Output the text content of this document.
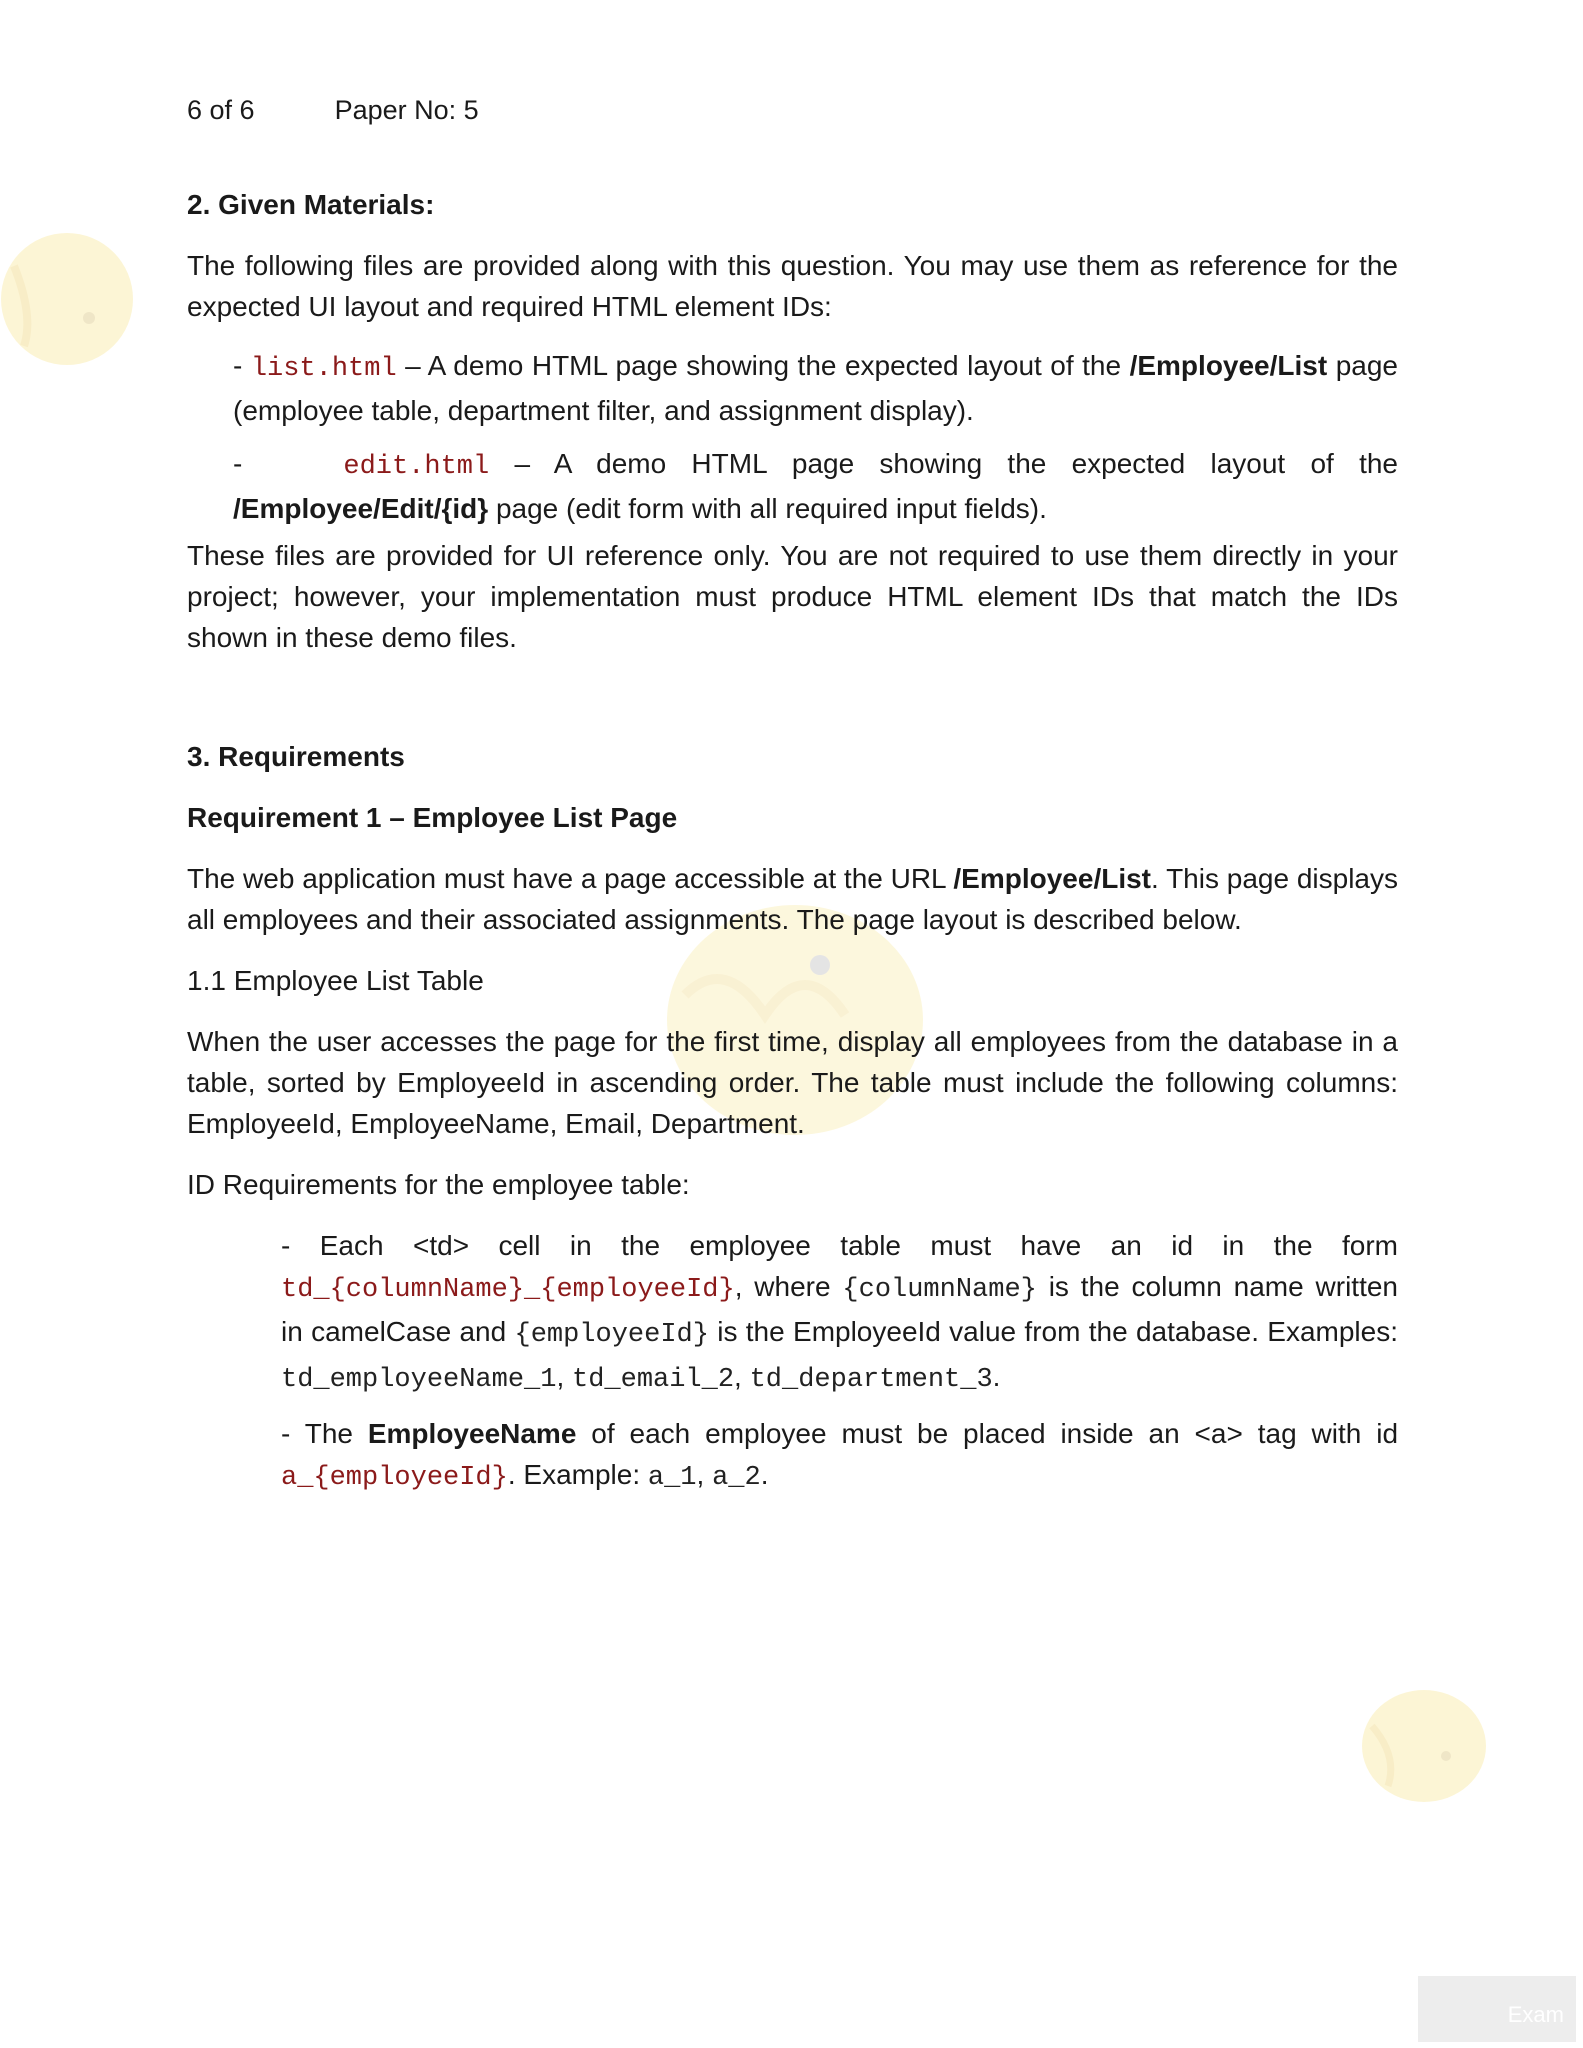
Exam
6 of 6	Paper No: 5
2. Given Materials:
The following files are provided along with this question. You may use them as reference for the expected UI layout and required HTML element IDs:
- list.html – A demo HTML page showing the expected layout of the /Employee/List page (employee table, department filter, and assignment display).
-	edit.html – A demo HTML page showing the expected layout of the /Employee/Edit/{id} page (edit form with all required input fields).
These files are provided for UI reference only. You are not required to use them directly in your project; however, your implementation must produce HTML element IDs that match the IDs shown in these demo files.
3. Requirements
Requirement 1 – Employee List Page
The web application must have a page accessible at the URL /Employee/List. This page displays all employees and their associated assignments. The page layout is described below.
1.1 Employee List Table
When the user accesses the page for the first time, display all employees from the database in a table, sorted by EmployeeId in ascending order. The table must include the following columns: EmployeeId, EmployeeName, Email, Department.
ID Requirements for the employee table:
- Each <td> cell in the employee table must have an id in the form td_{columnName}_{employeeId}, where {columnName} is the column name written in camelCase and {employeeId} is the EmployeeId value from the database. Examples: td_employeeName_1, td_email_2, td_department_3.
- The EmployeeName of each employee must be placed inside an <a> tag with id a_{employeeId}. Example: a_1, a_2.
